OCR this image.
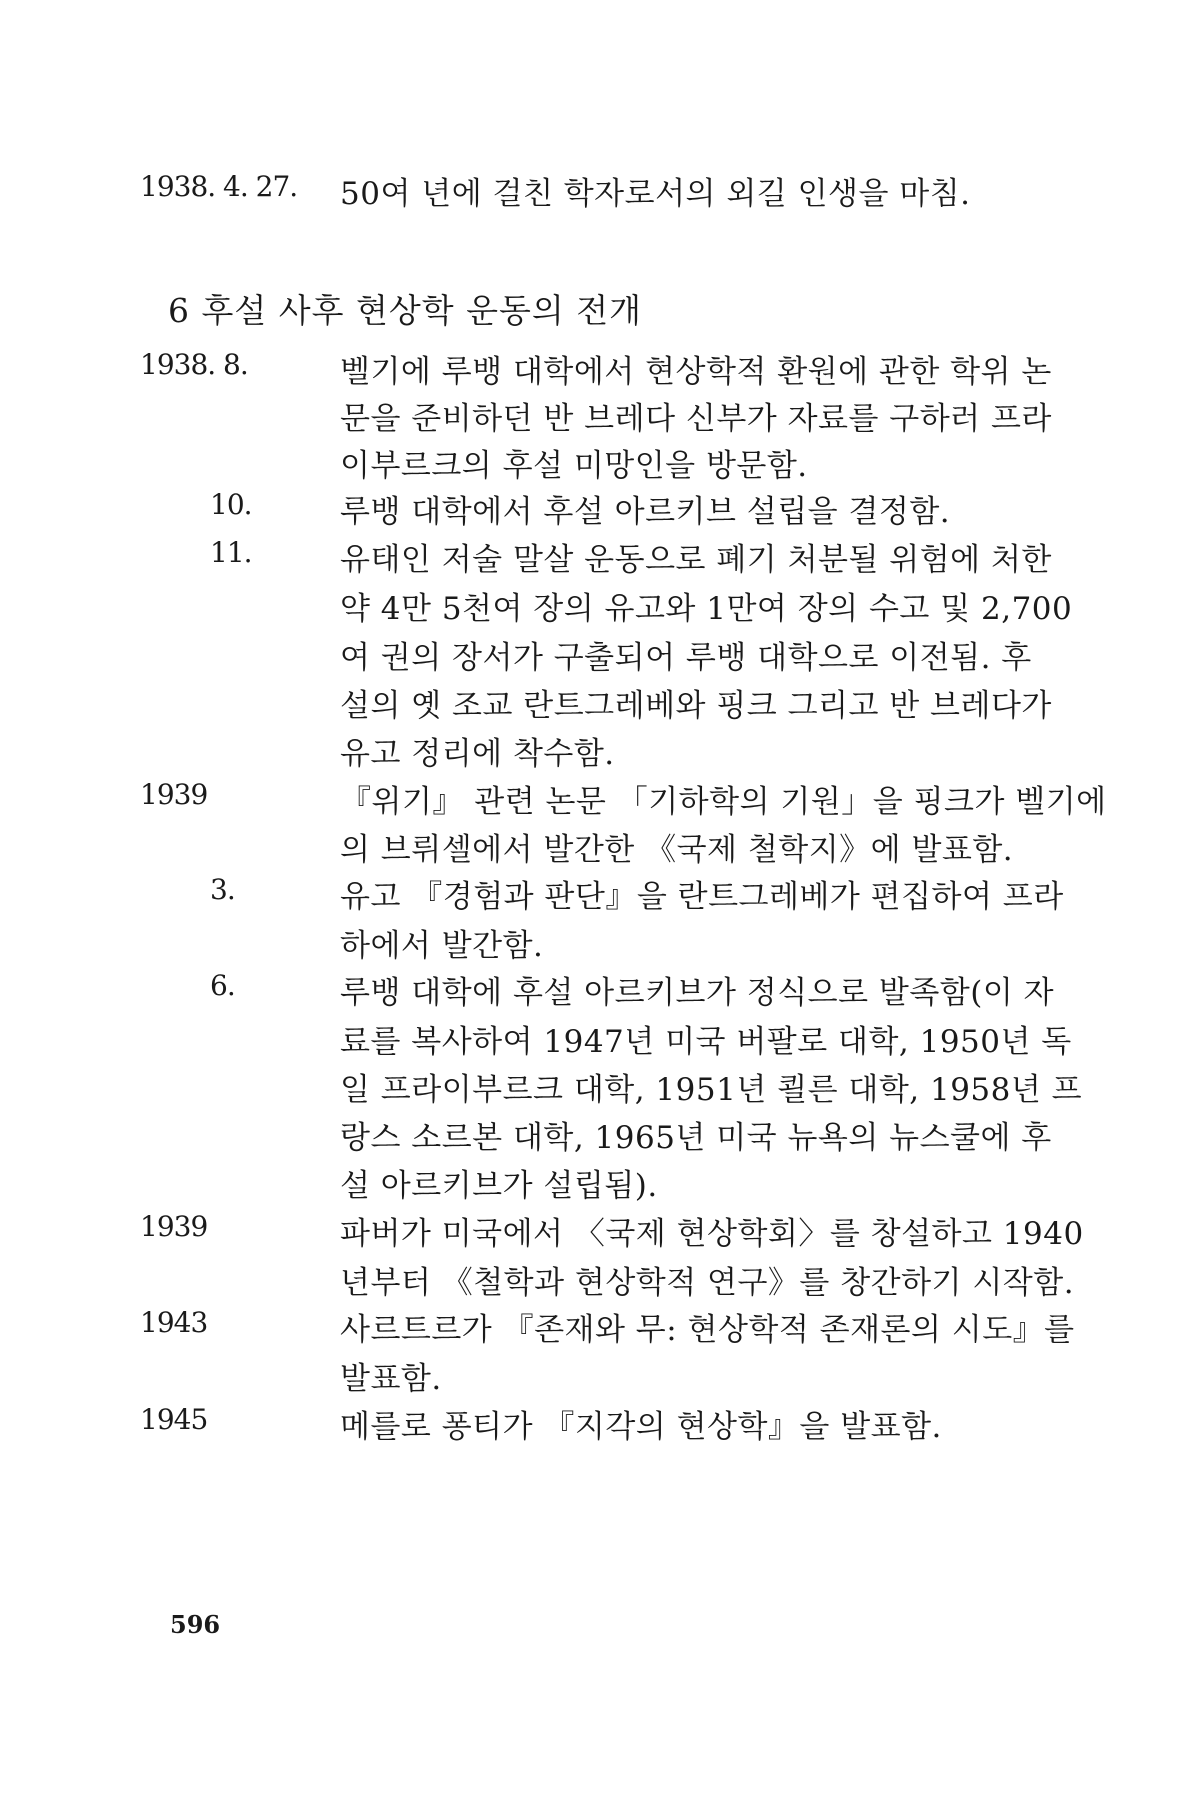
1938. 4. 27. 50여 년에 걸친 학자로서의 외길 인생을 마침.
6 후설 사후 현상학 운동의 전개
1938. 8.	벨기에 루뱅 대학에서 현상학적 환원에 관한 학위 논
문을 준비하던 반 브레다 신부가 자료를 구하러 프라
이부르크의 후설 미망인을 방문함.
10.	루뱅 대학에서 후설 아르키브 설립을 결정함.
11.	유태인 저술 말살 운동으로 폐기 처분될 위험에 처한
약 4만 5천여 장의 유고와 1만여 장의 수고 및 2,700
여 권의 장서가 구출되어 루뱅 대학으로 이전됨. 후
설의 옛 조교 란트그레베와 핑크 그리고 반 브레다가
유고 정리에 착수함.
1939	『위기』 관련 논문 「기하학의 기원」을 핑크가 벨기에
의 브뤼셀에서 발간한 《국제 철학지》에 발표함.
3.	유고 『경험과 판단』을 란트그레베가 편집하여 프라
하에서 발간함.
6.	루뱅 대학에 후설 아르키브가 정식으로 발족함(이 자
료를 복사하여 1947년 미국 버팔로 대학, 1950년 독
일 프라이부르크 대학, 1951년 쾰른 대학, 1958년 프
랑스 소르본 대학, 1965년 미국 뉴욕의 뉴스쿨에 후
설 아르키브가 설립됨).
1939	파버가 미국에서 〈국제 현상학회〉를 창설하고 1940
년부터 《철학과 현상학적 연구》를 창간하기 시작함.
1943	사르트르가 『존재와 무: 현상학적 존재론의 시도』를
발표함.
1945	메를로 퐁티가 『지각의 현상학』을 발표함.
596
